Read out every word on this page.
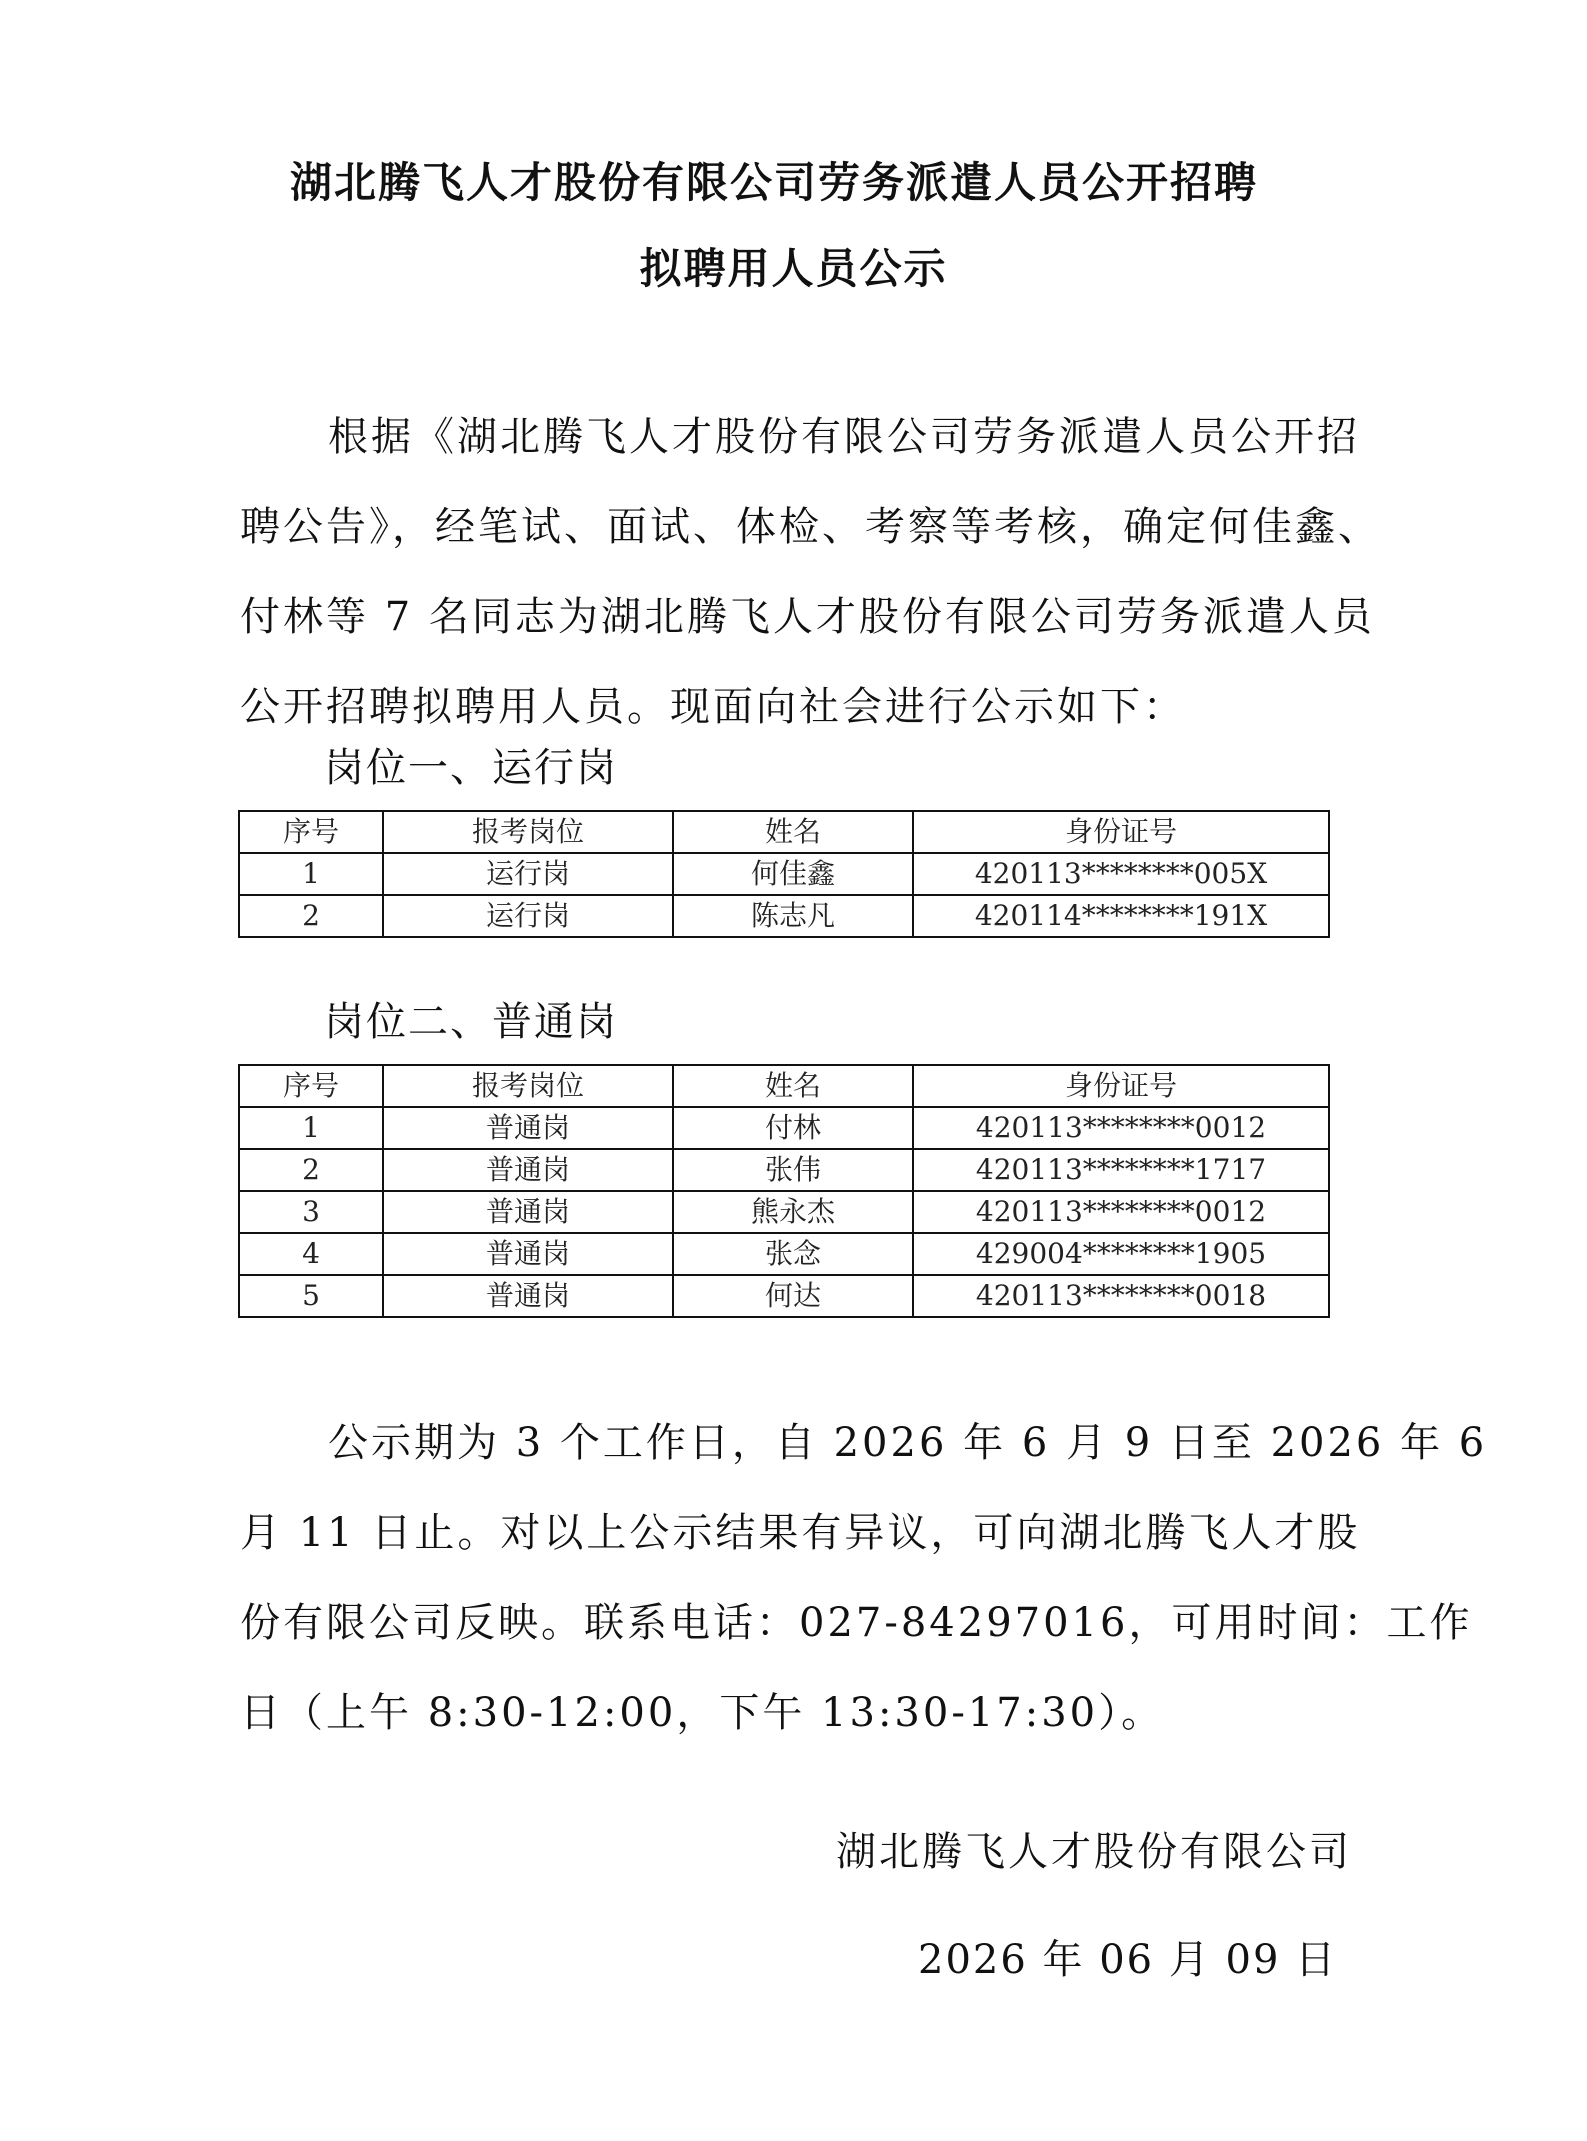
湖北腾飞人才股份有限公司劳务派遣人员公开招聘
拟聘用人员公示
根据《湖北腾飞人才股份有限公司劳务派遣人员公开招
聘公告》，经笔试、面试、体检、考察等考核，确定何佳鑫、
付林等 7 名同志为湖北腾飞人才股份有限公司劳务派遣人员
公开招聘拟聘用人员。现面向社会进行公示如下：
岗位一、运行岗
序号	报考岗位	姓名	身份证号
1	运行岗	何佳鑫	420113********005X
2	运行岗	陈志凡	420114********191X
岗位二、普通岗
序号	报考岗位	姓名	身份证号
1	普通岗	付林	420113********0012
2	普通岗	张伟	420113********1717
3	普通岗	熊永杰	420113********0012
4	普通岗	张念	429004********1905
5	普通岗	何达	420113********0018
公示期为 3 个工作日，自 2026 年 6 月 9 日至 2026 年 6
月 11 日止。对以上公示结果有异议，可向湖北腾飞人才股
份有限公司反映。联系电话：027-84297016，可用时间：工作
日（上午 8:30-12:00，下午 13:30-17:30）。
湖北腾飞人才股份有限公司
2026 年 06 月 09 日
